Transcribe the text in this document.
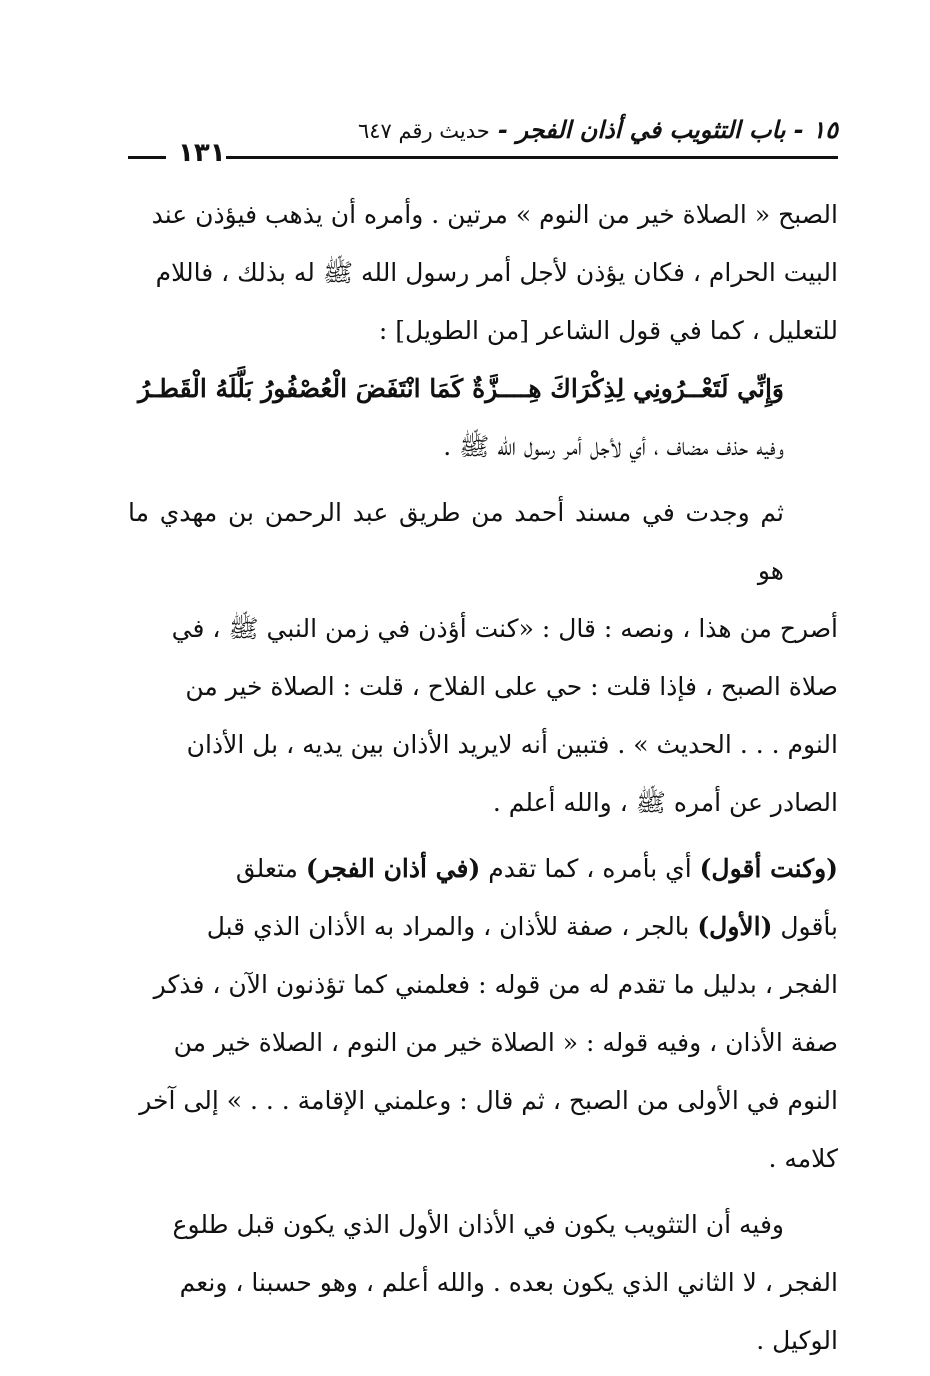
١٥ - باب التثويب في أذان الفجر - حديث رقم ٦٤٧
١٣١

الصبح « الصلاة خير من النوم » مرتين . وأمره أن يذهب فيؤذن عند

البيت الحرام ، فكان يؤذن لأجل أمر رسول الله ﷺ له بذلك ، فاللام

للتعليل ، كما في قول الشاعر [من الطويل] :

وَإِنِّي لَتَعْــرُونِي لِذِكْرَاكَ هِــــزَّةٌ
كَمَا انْتَفَضَ الْعُصْفُورُ بَلَّلَهُ الْقَطـرُ

وفيه حذف مضاف ، أي لأجل أمر رسول الله ﷺ .

ثم وجدت في مسند أحمد من طريق عبد الرحمن بن مهدي ما هو

أصرح من هذا ، ونصه : قال : «كنت أؤذن في زمن النبي ﷺ ، في

صلاة الصبح ، فإذا قلت : حي على الفلاح ، قلت : الصلاة خير من

النوم . . . الحديث » . فتبين أنه لايريد الأذان بين يديه ، بل الأذان

الصادر عن أمره ﷺ ، والله أعلم .

(وكنت أقول) أي بأمره ، كما تقدم (في أذان الفجر) متعلق

بأقول (الأول) بالجر ، صفة للأذان ، والمراد به الأذان الذي قبل

الفجر ، بدليل ما تقدم له من قوله : فعلمني كما تؤذنون الآن ، فذكر

صفة الأذان ، وفيه قوله : « الصلاة خير من النوم ، الصلاة خير من

النوم في الأولى من الصبح ، ثم قال : وعلمني الإقامة . . . » إلى آخر

كلامه .

وفيه أن التثويب يكون في الأذان الأول الذي يكون قبل طلوع

الفجر ، لا الثاني الذي يكون بعده . والله أعلم ، وهو حسبنا ، ونعم

الوكيل .
